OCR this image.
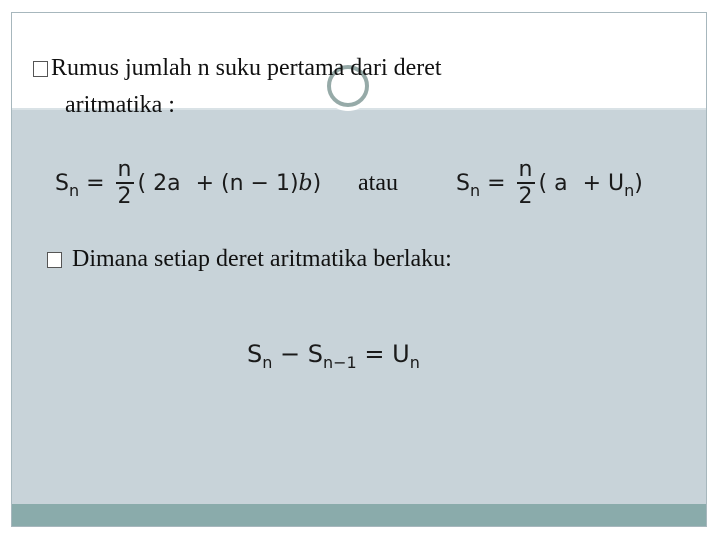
Rumus jumlah n suku pertama dari deret
aritmatika :
$S_n = \frac{n}{2}$ ( 2a + (n − 1)b) atau	$S_n = \frac{n}{2}$ ( $a + U_n$)
Dimana setiap deret aritmatika berlaku:
$S_n - S_{n-1} = U_n$
